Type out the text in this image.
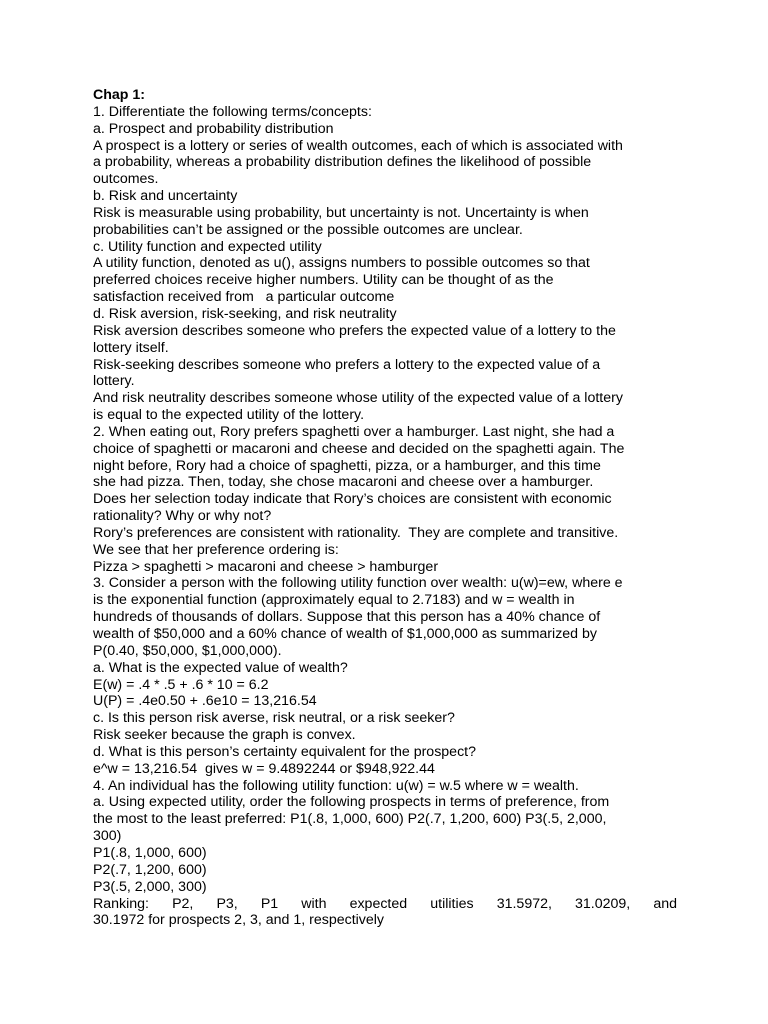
Chap 1:
1. Differentiate the following terms/concepts:
a. Prospect and probability distribution
A prospect is a lottery or series of wealth outcomes, each of which is associated with
a probability, whereas a probability distribution defines the likelihood of possible
outcomes.
b. Risk and uncertainty
Risk is measurable using probability, but uncertainty is not. Uncertainty is when
probabilities can’t be assigned or the possible outcomes are unclear.
c. Utility function and expected utility
A utility function, denoted as u(), assigns numbers to possible outcomes so that
preferred choices receive higher numbers. Utility can be thought of as the
satisfaction received from   a particular outcome
d. Risk aversion, risk-seeking, and risk neutrality
Risk aversion describes someone who prefers the expected value of a lottery to the
lottery itself.
Risk-seeking describes someone who prefers a lottery to the expected value of a
lottery.
And risk neutrality describes someone whose utility of the expected value of a lottery
is equal to the expected utility of the lottery.
2. When eating out, Rory prefers spaghetti over a hamburger. Last night, she had a
choice of spaghetti or macaroni and cheese and decided on the spaghetti again. The
night before, Rory had a choice of spaghetti, pizza, or a hamburger, and this time
she had pizza. Then, today, she chose macaroni and cheese over a hamburger.
Does her selection today indicate that Rory’s choices are consistent with economic
rationality? Why or why not?
Rory’s preferences are consistent with rationality.  They are complete and transitive.
We see that her preference ordering is:
Pizza > spaghetti > macaroni and cheese > hamburger
3. Consider a person with the following utility function over wealth: u(w)=ew, where e
is the exponential function (approximately equal to 2.7183) and w = wealth in
hundreds of thousands of dollars. Suppose that this person has a 40% chance of
wealth of $50,000 and a 60% chance of wealth of $1,000,000 as summarized by
P(0.40, $50,000, $1,000,000).
a. What is the expected value of wealth?
E(w) = .4 * .5 + .6 * 10 = 6.2
U(P) = .4e0.50 + .6e10 = 13,216.54
c. Is this person risk averse, risk neutral, or a risk seeker?
Risk seeker because the graph is convex.
d. What is this person’s certainty equivalent for the prospect?
e^w = 13,216.54  gives w = 9.4892244 or $948,922.44
4. An individual has the following utility function: u(w) = w.5 where w = wealth.
a. Using expected utility, order the following prospects in terms of preference, from
the most to the least preferred: P1(.8, 1,000, 600) P2(.7, 1,200, 600) P3(.5, 2,000,
300)
P1(.8, 1,000, 600)
P2(.7, 1,200, 600)
P3(.5, 2,000, 300)
Ranking: P2, P3, P1 with expected utilities 31.5972, 31.0209, and
30.1972 for prospects 2, 3, and 1, respectively
